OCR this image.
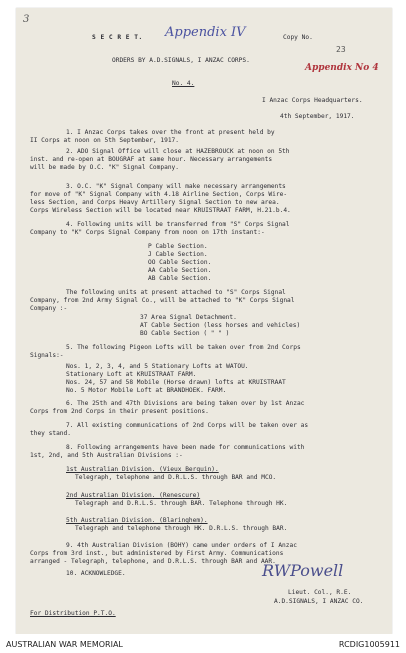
1. I Anzac Corps takes over the front at present held by
II Corps at noon on 5th September, 1917.
2. ADO Signal Office will close at HAZEBROUCK at noon on 5th
inst. and re-open at BOUGRAF at same hour. Necessary arrangements
will be made by O.C. "K" Signal Company.
3. O.C. "K" Signal Company will make necessary arrangements
for move of "K" Signal Company with 4.18 Airline Section, Corps Wire-
less Section, and Corps Heavy Artillery Signal Section to new area.
Corps Wireless Section will be located near KRUISTRAAT FARM, H.21.b.4.
4. Following units will be transferred from "S" Corps Signal
Company to "K" Corps Signal Company from noon on 17th instant:-
P Cable Section.
J Cable Section.
OO Cable Section.
AA Cable Section.
AB Cable Section.
The following units at present attached to "S" Corps Signal
Company, from 2nd Army Signal Co., will be attached to "K" Corps Signal
Company :-
37 Area Signal Detachment.
AT Cable Section (less horses and vehicles)
BO Cable Section ( " " )
5. The following Pigeon Lofts will be taken over from 2nd Corps
Signals:-
Nos. 1, 2, 3, 4, and 5 Stationary Lofts at WATOU.
Stationary Loft at KRUISTRAAT FARM.
Nos. 24, 57 and 58 Mobile (Horse drawn) lofts at KRUISTRAAT
No. 5 Motor Mobile Loft at BRANDHOEK. FARM.
6. The 25th and 47th Divisions are being taken over by 1st Anzac
Corps from 2nd Corps in their present positions.
7. All existing communications of 2nd Corps will be taken over as
they stand.
8. Following arrangements have been made for communications with
1st, 2nd, and 5th Australian Divisions :-
1st Australian Division. (Vieux Berquin).
Telegraph, telephone and D.R.L.S. through BAR and MCO.
2nd Australian Division. (Renescure)
Telegraph and D.R.L.S. through BAR. Telephone through HK.
5th Australian Division. (Blaringhem).
Telegraph and telephone through HK. D.R.L.S. through BAR.
9. 4th Australian Division (BOHY) came under orders of I Anzac
Corps from 3rd inst., but administered by First Army. Communications
arranged - Telegraph, telephone, and D.R.L.S. through BAR and AAR.
10. ACKNOWLEDGE.
3
Appendix IV
23
Appendix No 4
S E C R E T.	Copy No.
ORDERS BY A.D.SIGNALS, I ANZAC CORPS.
No. 4.
I Anzac Corps Headquarters.
4th September, 1917.
RWPowell
Lieut. Col., R.E.
A.D.SIGNALS, I ANZAC CO.
For Distribution P.T.O.
AUSTRALIAN WAR MEMORIAL	RCDIG1005911
